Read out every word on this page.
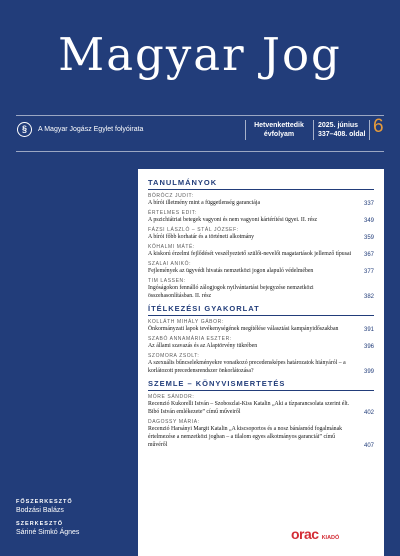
Magyar Jog
§	A Magyar Jogász Egylet folyóirata
Hetvenkettedik
évfolyam
2025. június
337–408. oldal 6
TANULMÁNYOK
BÓRÓCZ JUDIT:
A bírói illetmény mint a függetlenség garanciája	337
ÉRTELMES EDIT:
A pszichiátriai betegek vagyoni és nem vagyoni kártérítési ügyei. II. rész	349
FÁZSI LÁSZLÓ – STÁL JÓZSEF:
A bírói főbb korhatár és a történeti alkotmány	359
KŐHALMI MÁTÉ:
A kiskorú érzelmi fejlődését veszélyeztető szülői-nevelői magatartások jellemző típusai	367
SZALAI ANIKÓ:
Fejlemények az ügyvédi hivatás nemzetközi jogon alapuló védelmében	377
TIM LASSEN:
Ingóságokon fennálló zálogjogok nyilvántartási bejegyzése nemzetközi összehasonlításban. II. rész	382
ÍTÉLKEZÉSI GYAKORLAT
KOLLÁTH MIHÁLY GÁBOR:
Önkormányzati lapok tevékenységének megítélése választási kampányidőszakban	391
SZABÓ ANNAMÁRIA ESZTER:
Az állami szavazás és az Alaptörvény tükrében	396
SZOMORA ZSOLT:
A szexuális bűncselekményekre vonatkozó precedensképes határozatok hiányáról – a korlátozott precedensrendszer önkorlátozása?	399
SZEMLE – KÖNYVISMERTETÉS
MÓRE SÁNDOR:
Recenzió Kukorelli István – Szoboszlai-Kiss Katalin „Aki a tízparancsolata szerint élt. Bibó István emlékezete” című műveiről	402
DAGOSSY MÁRIA:
Recenzió Harsányi Margit Katalin „A kiscsoportos és a nosz bánásmód fogalmának értelmezése a nemzetközi jogban – a tilalom egyes alkotmányos garanciái” című művéről	407
FŐSZERKESZTŐ
Bodzási Balázs
SZERKESZTŐ
Sáriné Simkó Ágnes	orac KIADÓ
